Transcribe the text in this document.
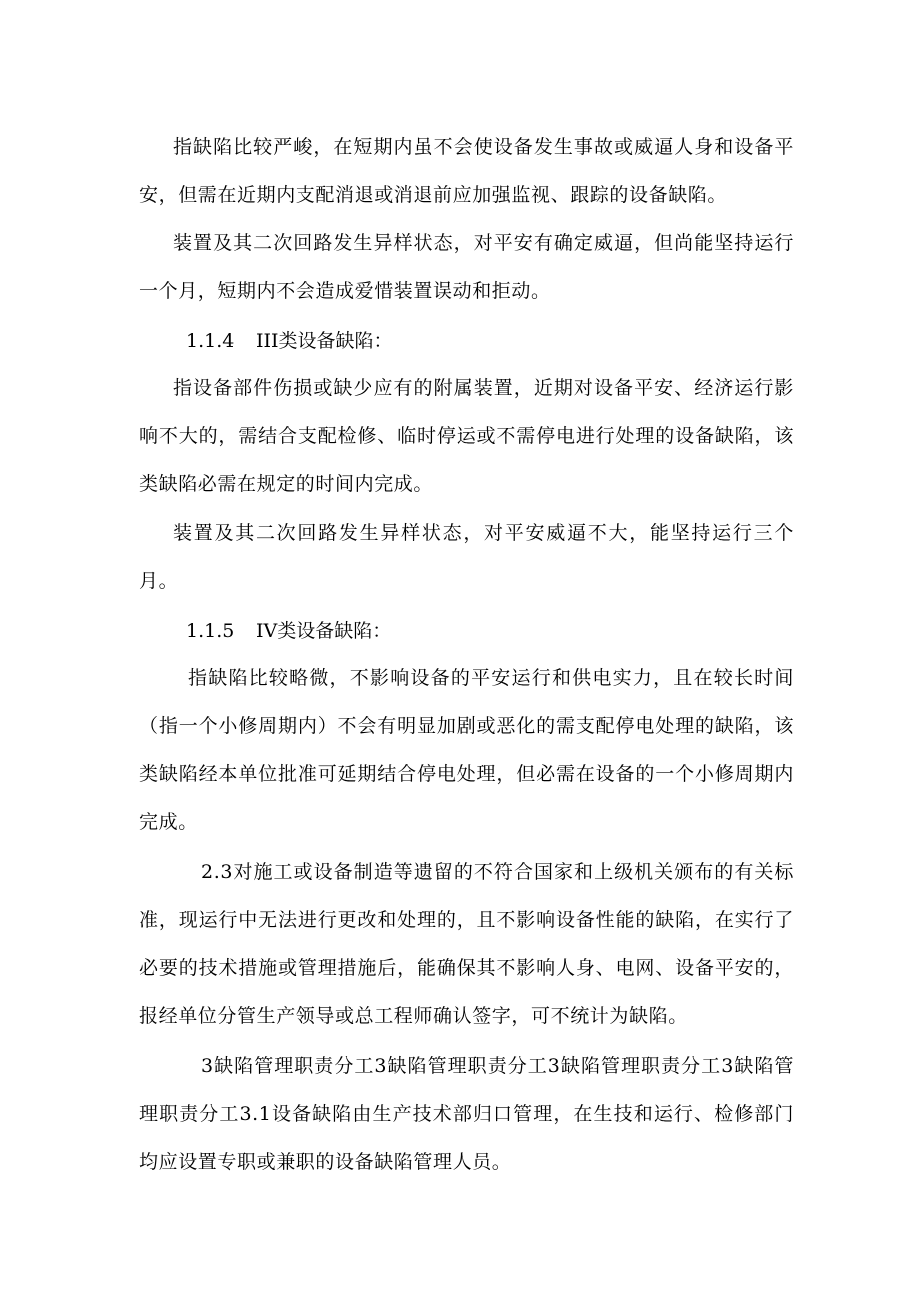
指缺陷比较严峻，在短期内虽不会使设备发生事故或威逼人身和设备平安，但需在近期内支配消退或消退前应加强监视、跟踪的设备缺陷。

装置及其二次回路发生异样状态，对平安有确定威逼，但尚能坚持运行一个月，短期内不会造成爱惜装置误动和拒动。

1.1.4 III类设备缺陷：

指设备部件伤损或缺少应有的附属装置，近期对设备平安、经济运行影响不大的，需结合支配检修、临时停运或不需停电进行处理的设备缺陷，该类缺陷必需在规定的时间内完成。

装置及其二次回路发生异样状态，对平安威逼不大，能坚持运行三个月。

1.1.5 IV类设备缺陷：

指缺陷比较略微，不影响设备的平安运行和供电实力，且在较长时间（指一个小修周期内）不会有明显加剧或恶化的需支配停电处理的缺陷，该类缺陷经本单位批准可延期结合停电处理，但必需在设备的一个小修周期内完成。

2.3对施工或设备制造等遗留的不符合国家和上级机关颁布的有关标准，现运行中无法进行更改和处理的，且不影响设备性能的缺陷，在实行了必要的技术措施或管理措施后，能确保其不影响人身、电网、设备平安的，报经单位分管生产领导或总工程师确认签字，可不统计为缺陷。

3缺陷管理职责分工3缺陷管理职责分工3缺陷管理职责分工3缺陷管理职责分工3.1设备缺陷由生产技术部归口管理，在生技和运行、检修部门均应设置专职或兼职的设备缺陷管理人员。
